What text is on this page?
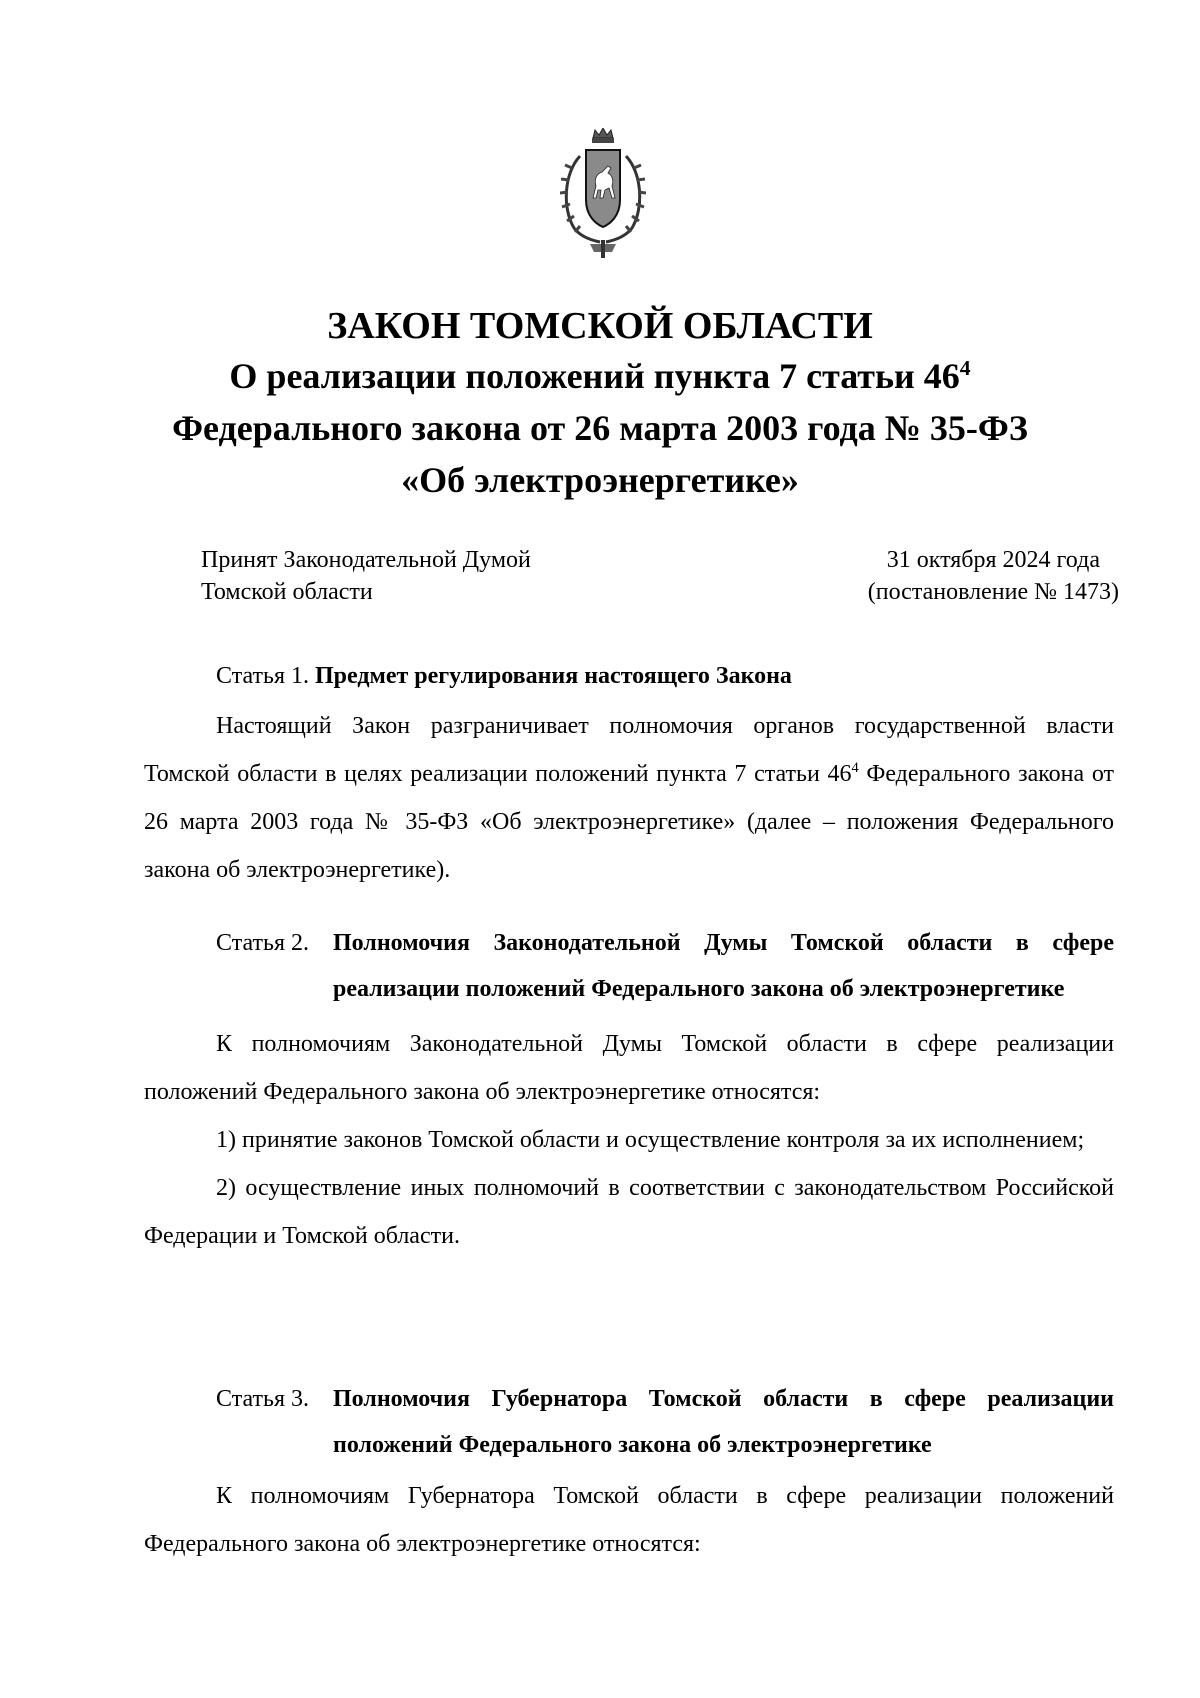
ЗАКОН ТОМСКОЙ ОБЛАСТИ

О реализации положений пункта 7 статьи $46^4$

Федерального закона от 26 марта 2003 года № 35-ФЗ

«Об электроэнергетике»

Принят Законодательной Думой
Томской области
31 октября 2024 года
(постановление № 1473)

Статья 1. Предмет регулирования настоящего Закона

Настоящий Закон разграничивает полномочия органов государственной власти Томской области в целях реализации положений пункта 7 статьи $46^4$ Федерального закона от 26 марта 2003 года № 35-ФЗ «Об электроэнергетике» (далее – положения Федерального закона об электроэнергетике).

Статья 2.	Полномочия Законодательной Думы Томской области в сфере реализации положений Федерального закона об электроэнергетике

К полномочиям Законодательной Думы Томской области в сфере реализации положений Федерального закона об электроэнергетике относятся:

1) принятие законов Томской области и осуществление контроля за их исполнением;

2) осуществление иных полномочий в соответствии с законодательством Российской Федерации и Томской области.

Статья 3.	Полномочия Губернатора Томской области в сфере реализации положений Федерального закона об электроэнергетике

К полномочиям Губернатора Томской области в сфере реализации положений Федерального закона об электроэнергетике относятся:
